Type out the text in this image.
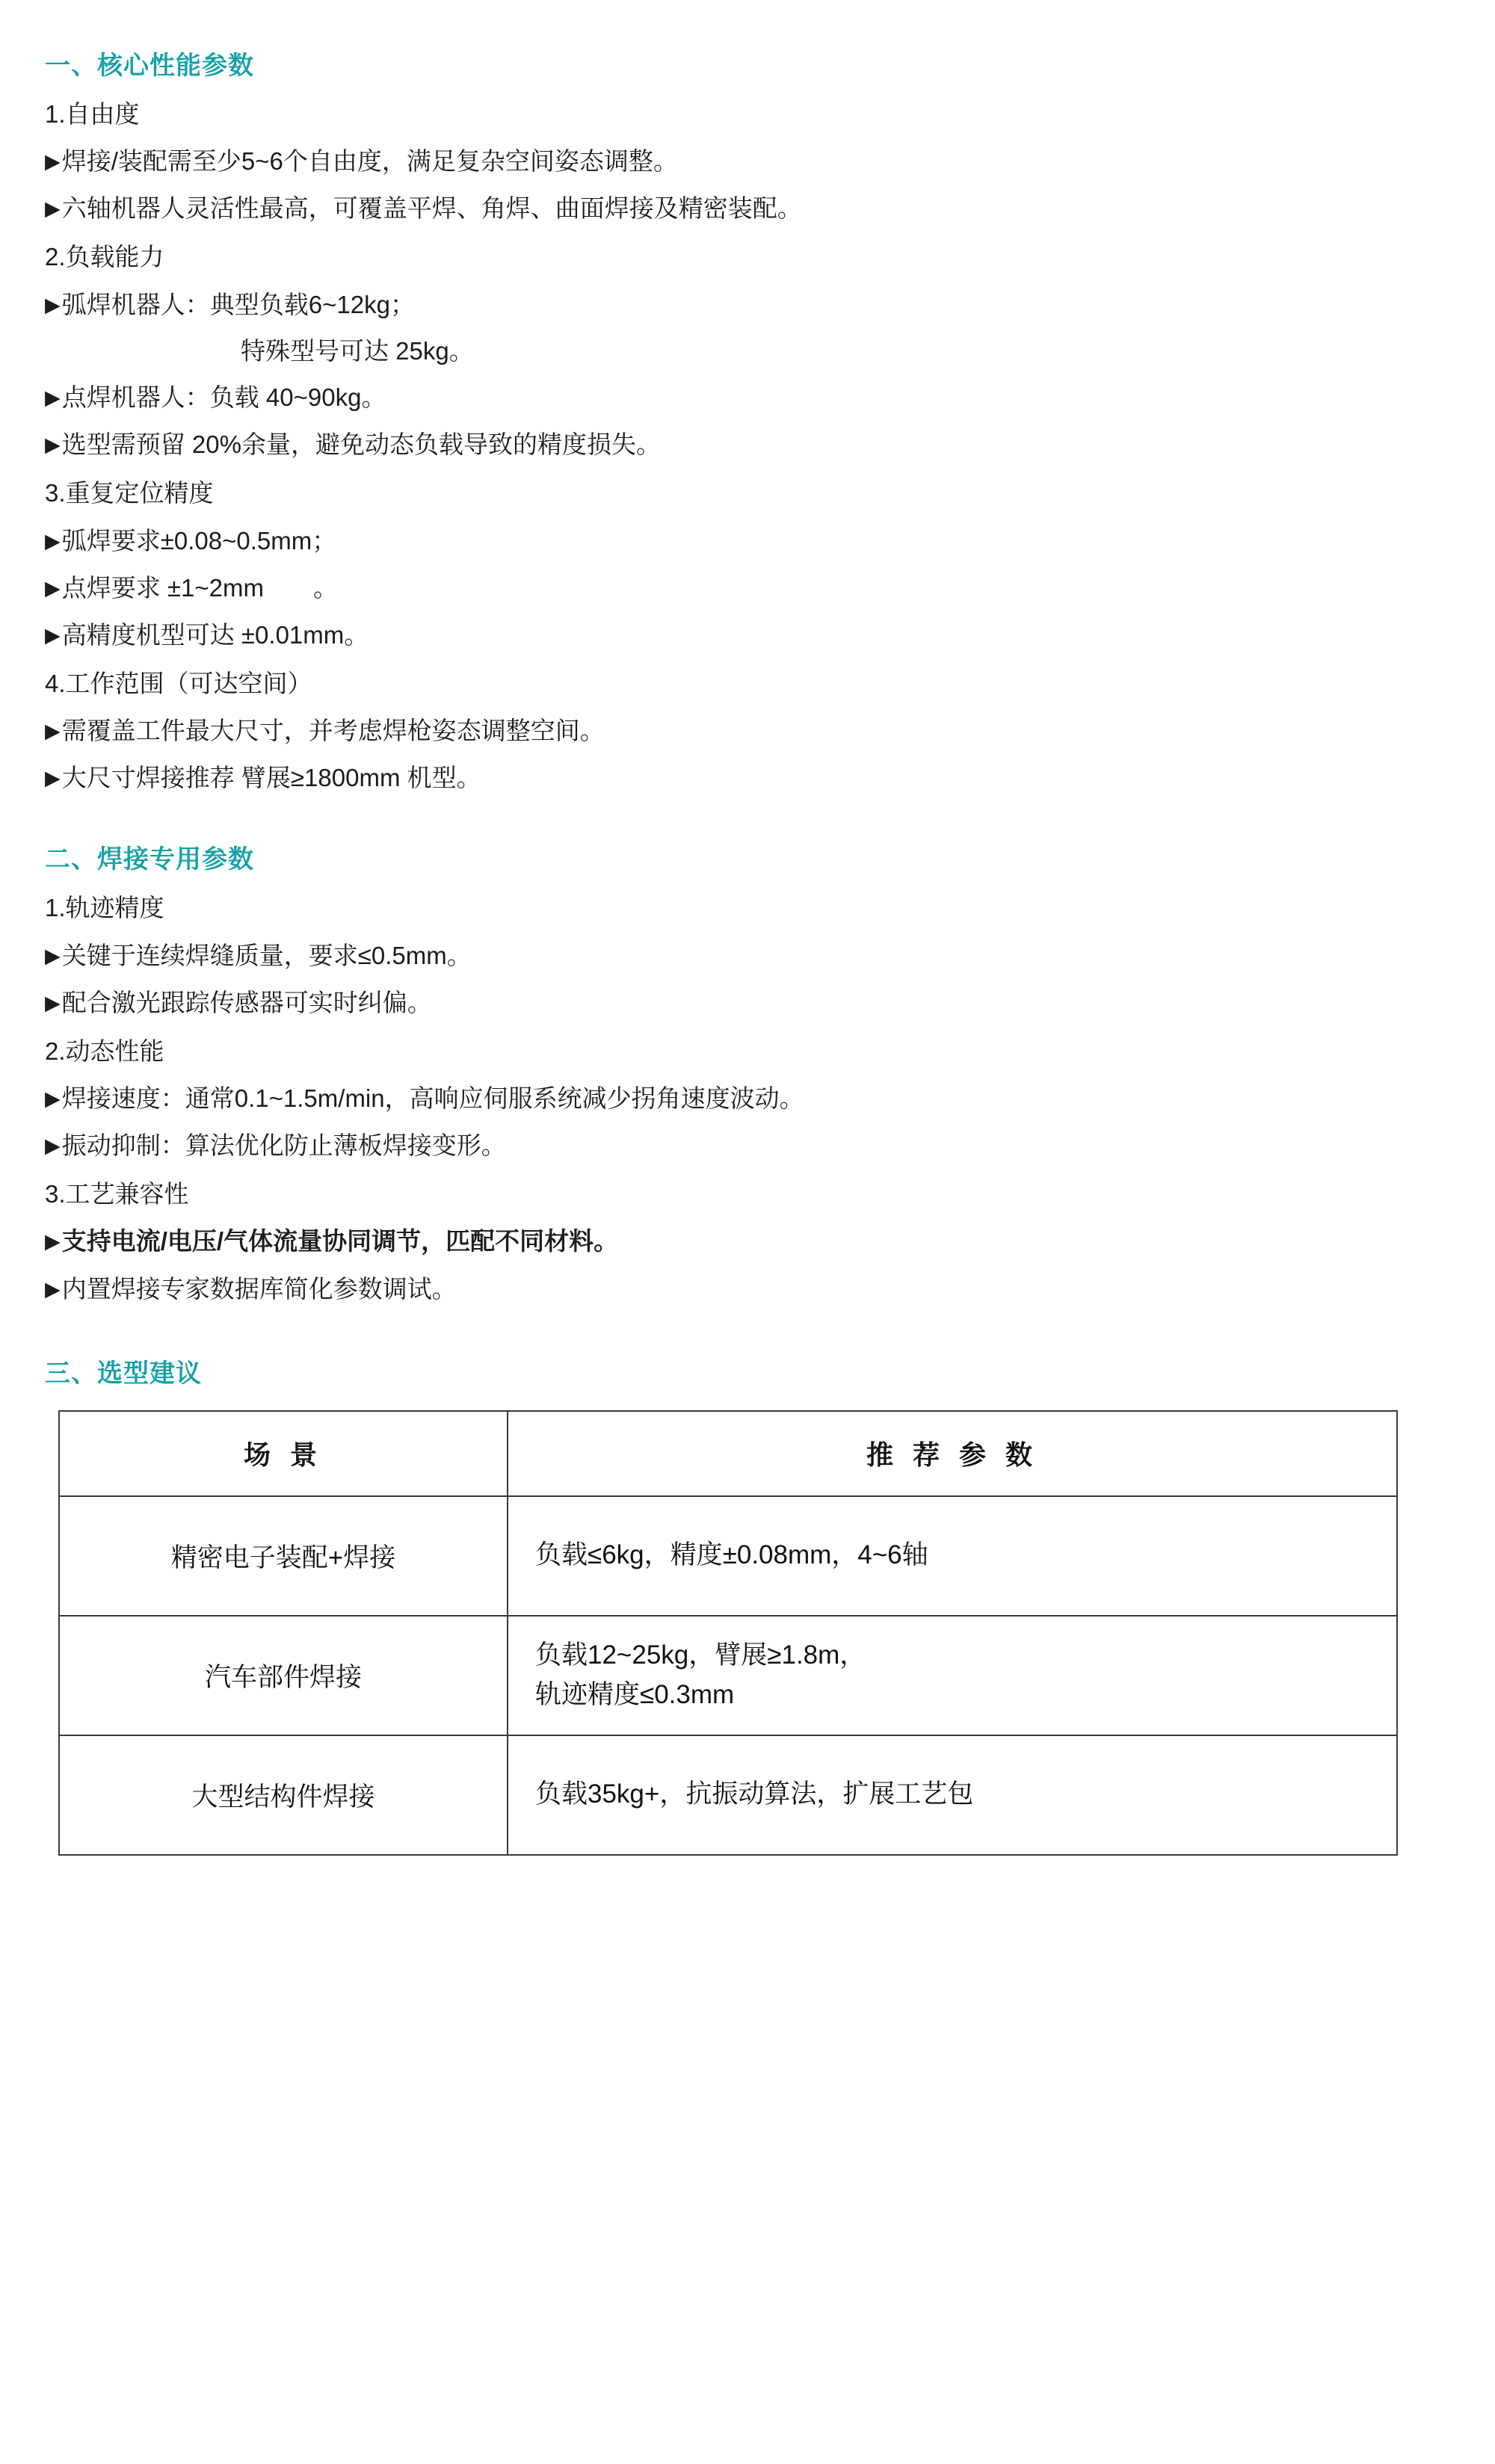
一、核心性能参数

1.自由度

▶焊接/装配需至少5~6个自由度，满足复杂空间姿态调整。

▶六轴机器人灵活性最高，可覆盖平焊、角焊、曲面焊接及精密装配。

2.负载能力

▶弧焊机器人：典型负载6~12kg；

特殊型号可达 25kg。

▶点焊机器人：负载 40~90kg。

▶选型需预留 20%余量，避免动态负载导致的精度损失。

3.重复定位精度

▶弧焊要求±0.08~0.5mm；

▶点焊要求 ±1~2mm　　。

▶高精度机型可达 ±0.01mm。

4.工作范围（可达空间）

▶需覆盖工件最大尺寸，并考虑焊枪姿态调整空间。

▶大尺寸焊接推荐 臂展≥1800mm 机型。

二、焊接专用参数

1.轨迹精度

▶关键于连续焊缝质量，要求≤0.5mm。

▶配合激光跟踪传感器可实时纠偏。

2.动态性能

▶焊接速度：通常0.1~1.5m/min，高响应伺服系统减少拐角速度波动。

▶振动抑制：算法优化防止薄板焊接变形。

3.工艺兼容性

▶支持电流/电压/气体流量协同调节，匹配不同材料。

▶内置焊接专家数据库简化参数调试。

三、选型建议
场 景	推 荐 参 数
精密电子装配+焊接	负载≤6kg，精度±0.08mm，4~6轴

汽车部件焊接	负载12~25kg，臂展≥1.8m，
轨迹精度≤0.3mm

大型结构件焊接	负载35kg+，抗振动算法，扩展工艺包
